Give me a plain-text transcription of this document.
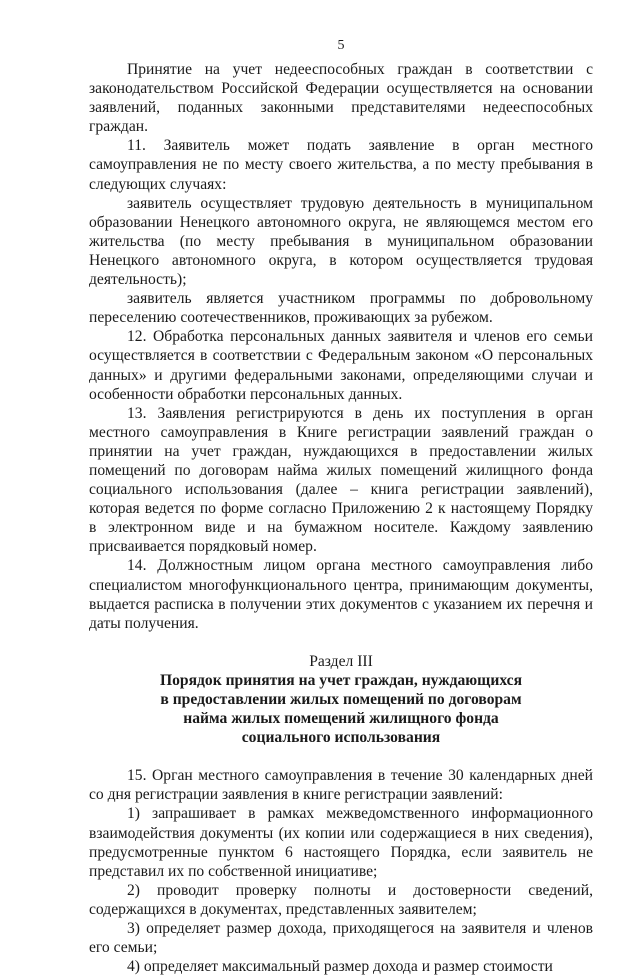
5

Принятие на учет недееспособных граждан в соответствии с законодательством Российской Федерации осуществляется на основании заявлений, поданных законными представителями недееспособных граждан.

11. Заявитель может подать заявление в орган местного самоуправления не по месту своего жительства, а по месту пребывания в следующих случаях:

заявитель осуществляет трудовую деятельность в муниципальном образовании Ненецкого автономного округа, не являющемся местом его жительства (по месту пребывания в муниципальном образовании Ненецкого автономного округа, в котором осуществляется трудовая деятельность);

заявитель является участником программы по добровольному переселению соотечественников, проживающих за рубежом.

12. Обработка персональных данных заявителя и членов его семьи осуществляется в соответствии с Федеральным законом «О персональных данных» и другими федеральными законами, определяющими случаи и особенности обработки персональных данных.

13. Заявления регистрируются в день их поступления в орган местного самоуправления в Книге регистрации заявлений граждан о принятии на учет граждан, нуждающихся в предоставлении жилых помещений по договорам найма жилых помещений жилищного фонда социального использования (далее – книга регистрации заявлений), которая ведется по форме согласно Приложению 2 к настоящему Порядку в электронном виде и на бумажном носителе. Каждому заявлению присваивается порядковый номер.

14. Должностным лицом органа местного самоуправления либо специалистом многофункционального центра, принимающим документы, выдается расписка в получении этих документов с указанием их перечня и даты получения.

Раздел III
Порядок принятия на учет граждан, нуждающихся
в предоставлении жилых помещений по договорам
найма жилых помещений жилищного фонда
социального использования

15. Орган местного самоуправления в течение 30 календарных дней со дня регистрации заявления в книге регистрации заявлений:

1) запрашивает в рамках межведомственного информационного взаимодействия документы (их копии или содержащиеся в них сведения), предусмотренные пунктом 6 настоящего Порядка, если заявитель не представил их по собственной инициативе;

2) проводит проверку полноты и достоверности сведений, содержащихся в документах, представленных заявителем;

3) определяет размер дохода, приходящегося на заявителя и членов его семьи;

4) определяет максимальный размер дохода и размер стоимости
